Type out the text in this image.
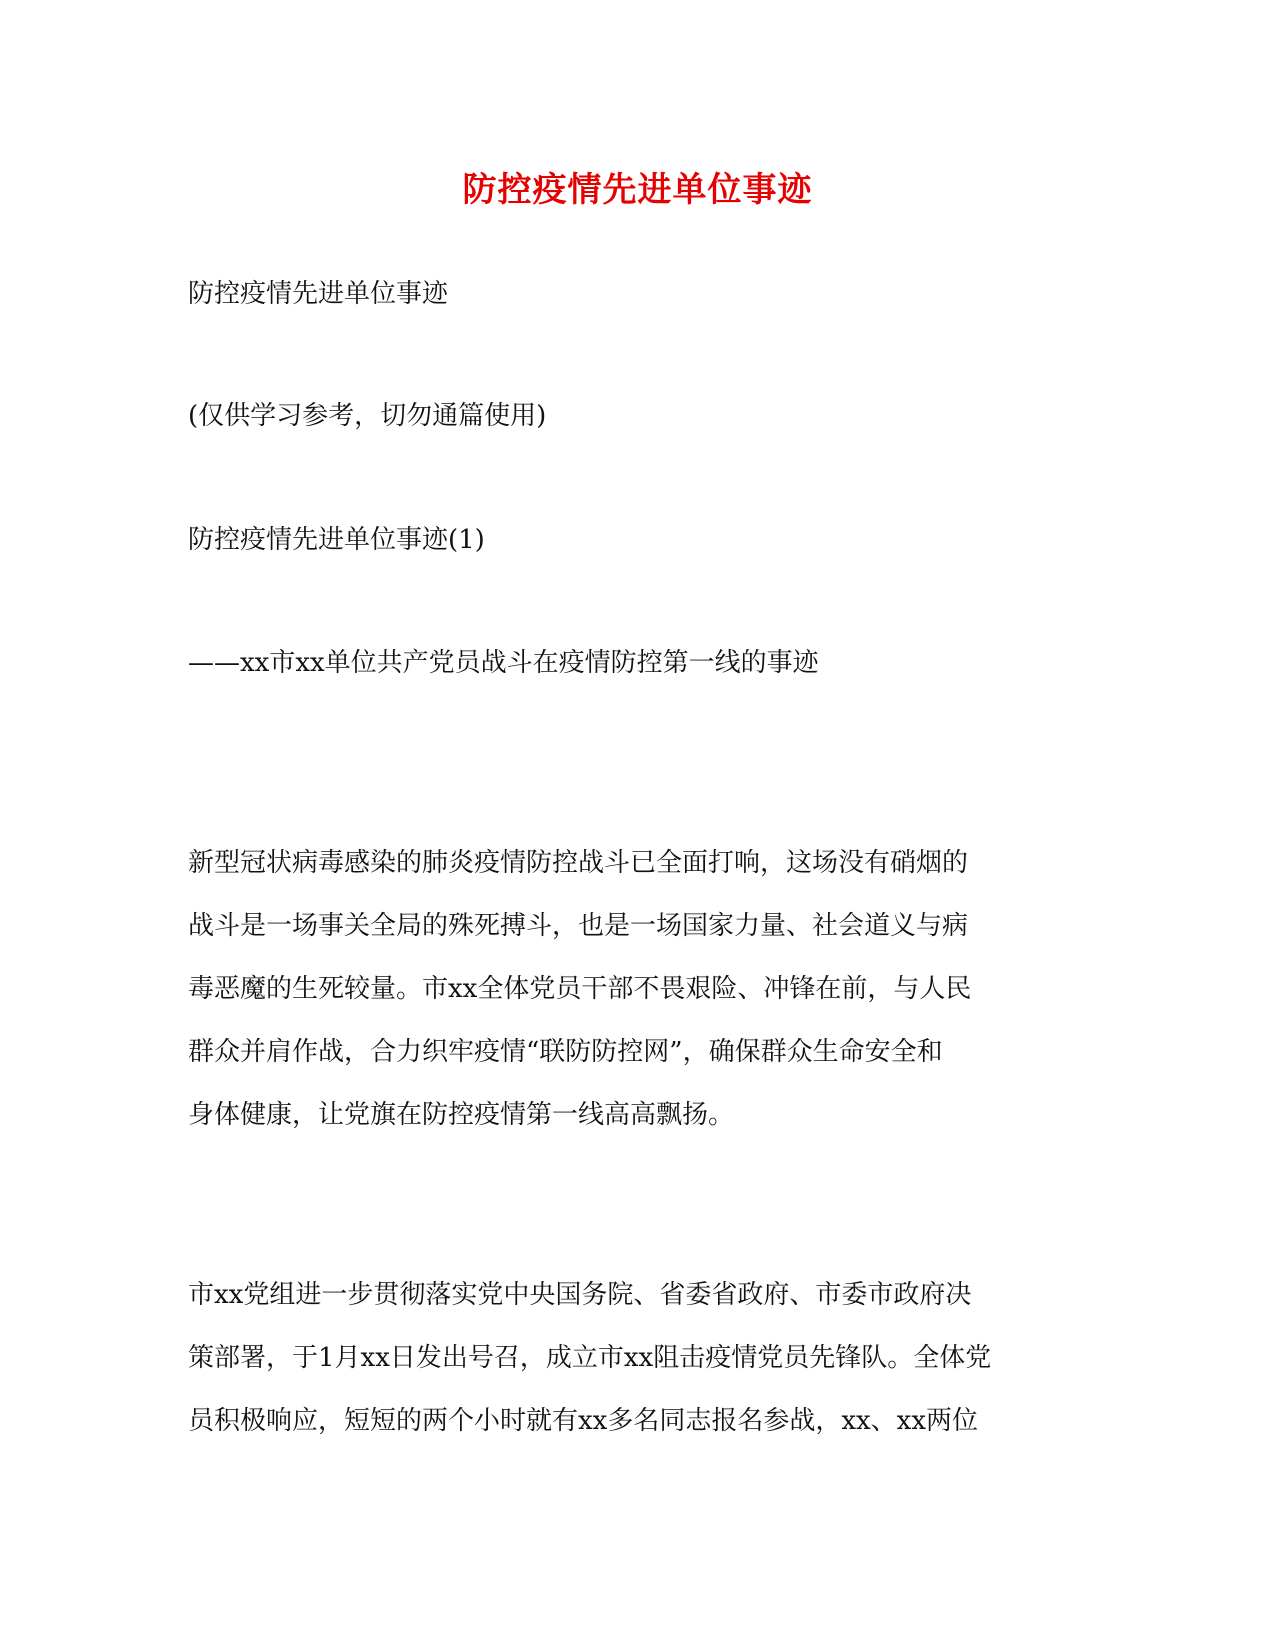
防控疫情先进单位事迹
防控疫情先进单位事迹
(仅供学习参考，切勿通篇使用)
防控疫情先进单位事迹(1)
——xx市xx单位共产党员战斗在疫情防控第一线的事迹
新型冠状病毒感染的肺炎疫情防控战斗已全面打响，这场没有硝烟的
战斗是一场事关全局的殊死搏斗，也是一场国家力量、社会道义与病
毒恶魔的生死较量。市xx全体党员干部不畏艰险、冲锋在前，与人民
群众并肩作战，合力织牢疫情“联防防控网”，确保群众生命安全和
身体健康，让党旗在防控疫情第一线高高飘扬。
市xx党组进一步贯彻落实党中央国务院、省委省政府、市委市政府决
策部署，于1月xx日发出号召，成立市xx阻击疫情党员先锋队。全体党
员积极响应，短短的两个小时就有xx多名同志报名参战，xx、xx两位
